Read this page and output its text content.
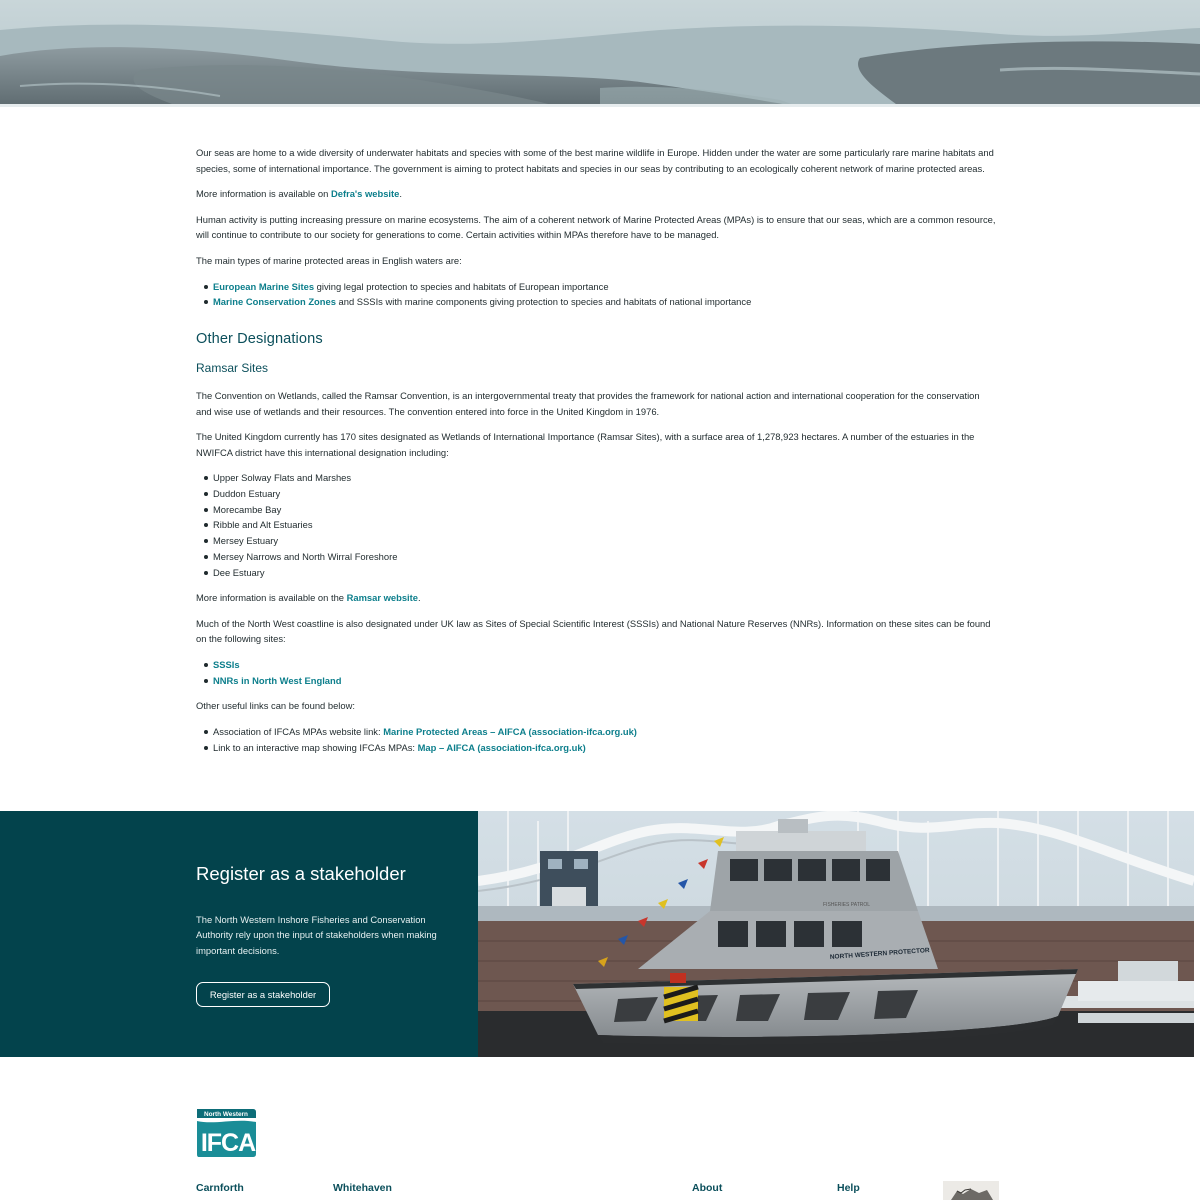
Our seas are home to a wide diversity of underwater habitats and species with some of the best marine wildlife in Europe. Hidden under the water are some particularly rare marine habitats and species, some of international importance. The government is aiming to protect habitats and species in our seas by contributing to an ecologically coherent network of marine protected areas.

More information is available on Defra's website.

Human activity is putting increasing pressure on marine ecosystems. The aim of a coherent network of Marine Protected Areas (MPAs) is to ensure that our seas, which are a common resource, will continue to contribute to our society for generations to come. Certain activities within MPAs therefore have to be managed.

The main types of marine protected areas in English waters are:

European Marine Sites giving legal protection to species and habitats of European importance
Marine Conservation Zones and SSSIs with marine components giving protection to species and habitats of national importance
Other Designations
Ramsar Sites

The Convention on Wetlands, called the Ramsar Convention, is an intergovernmental treaty that provides the framework for national action and international cooperation for the conservation and wise use of wetlands and their resources. The convention entered into force in the United Kingdom in 1976.

The United Kingdom currently has 170 sites designated as Wetlands of International Importance (Ramsar Sites), with a surface area of 1,278,923 hectares. A number of the estuaries in the NWIFCA district have this international designation including:

Upper Solway Flats and Marshes
Duddon Estuary
Morecambe Bay
Ribble and Alt Estuaries
Mersey Estuary
Mersey Narrows and North Wirral Foreshore
Dee Estuary

More information is available on the Ramsar website.

Much of the North West coastline is also designated under UK law as Sites of Special Scientific Interest (SSSIs) and National Nature Reserves (NNRs). Information on these sites can be found on the following sites:

SSSIs
NNRs in North West England

Other useful links can be found below:

Association of IFCAs MPAs website link: Marine Protected Areas – AIFCA (association-ifca.org.uk)
Link to an interactive map showing IFCAs MPAs: Map – AIFCA (association-ifca.org.uk)
Register as a stakeholder

The North Western Inshore Fisheries and Conservation Authority rely upon the input of stakeholders when making important decisions.

Register as a stakeholder
FISHERIES PATROL
NORTH WESTERN PROTECTOR
North Western
IFCA
Carnforth	Whitehaven	About	Help
